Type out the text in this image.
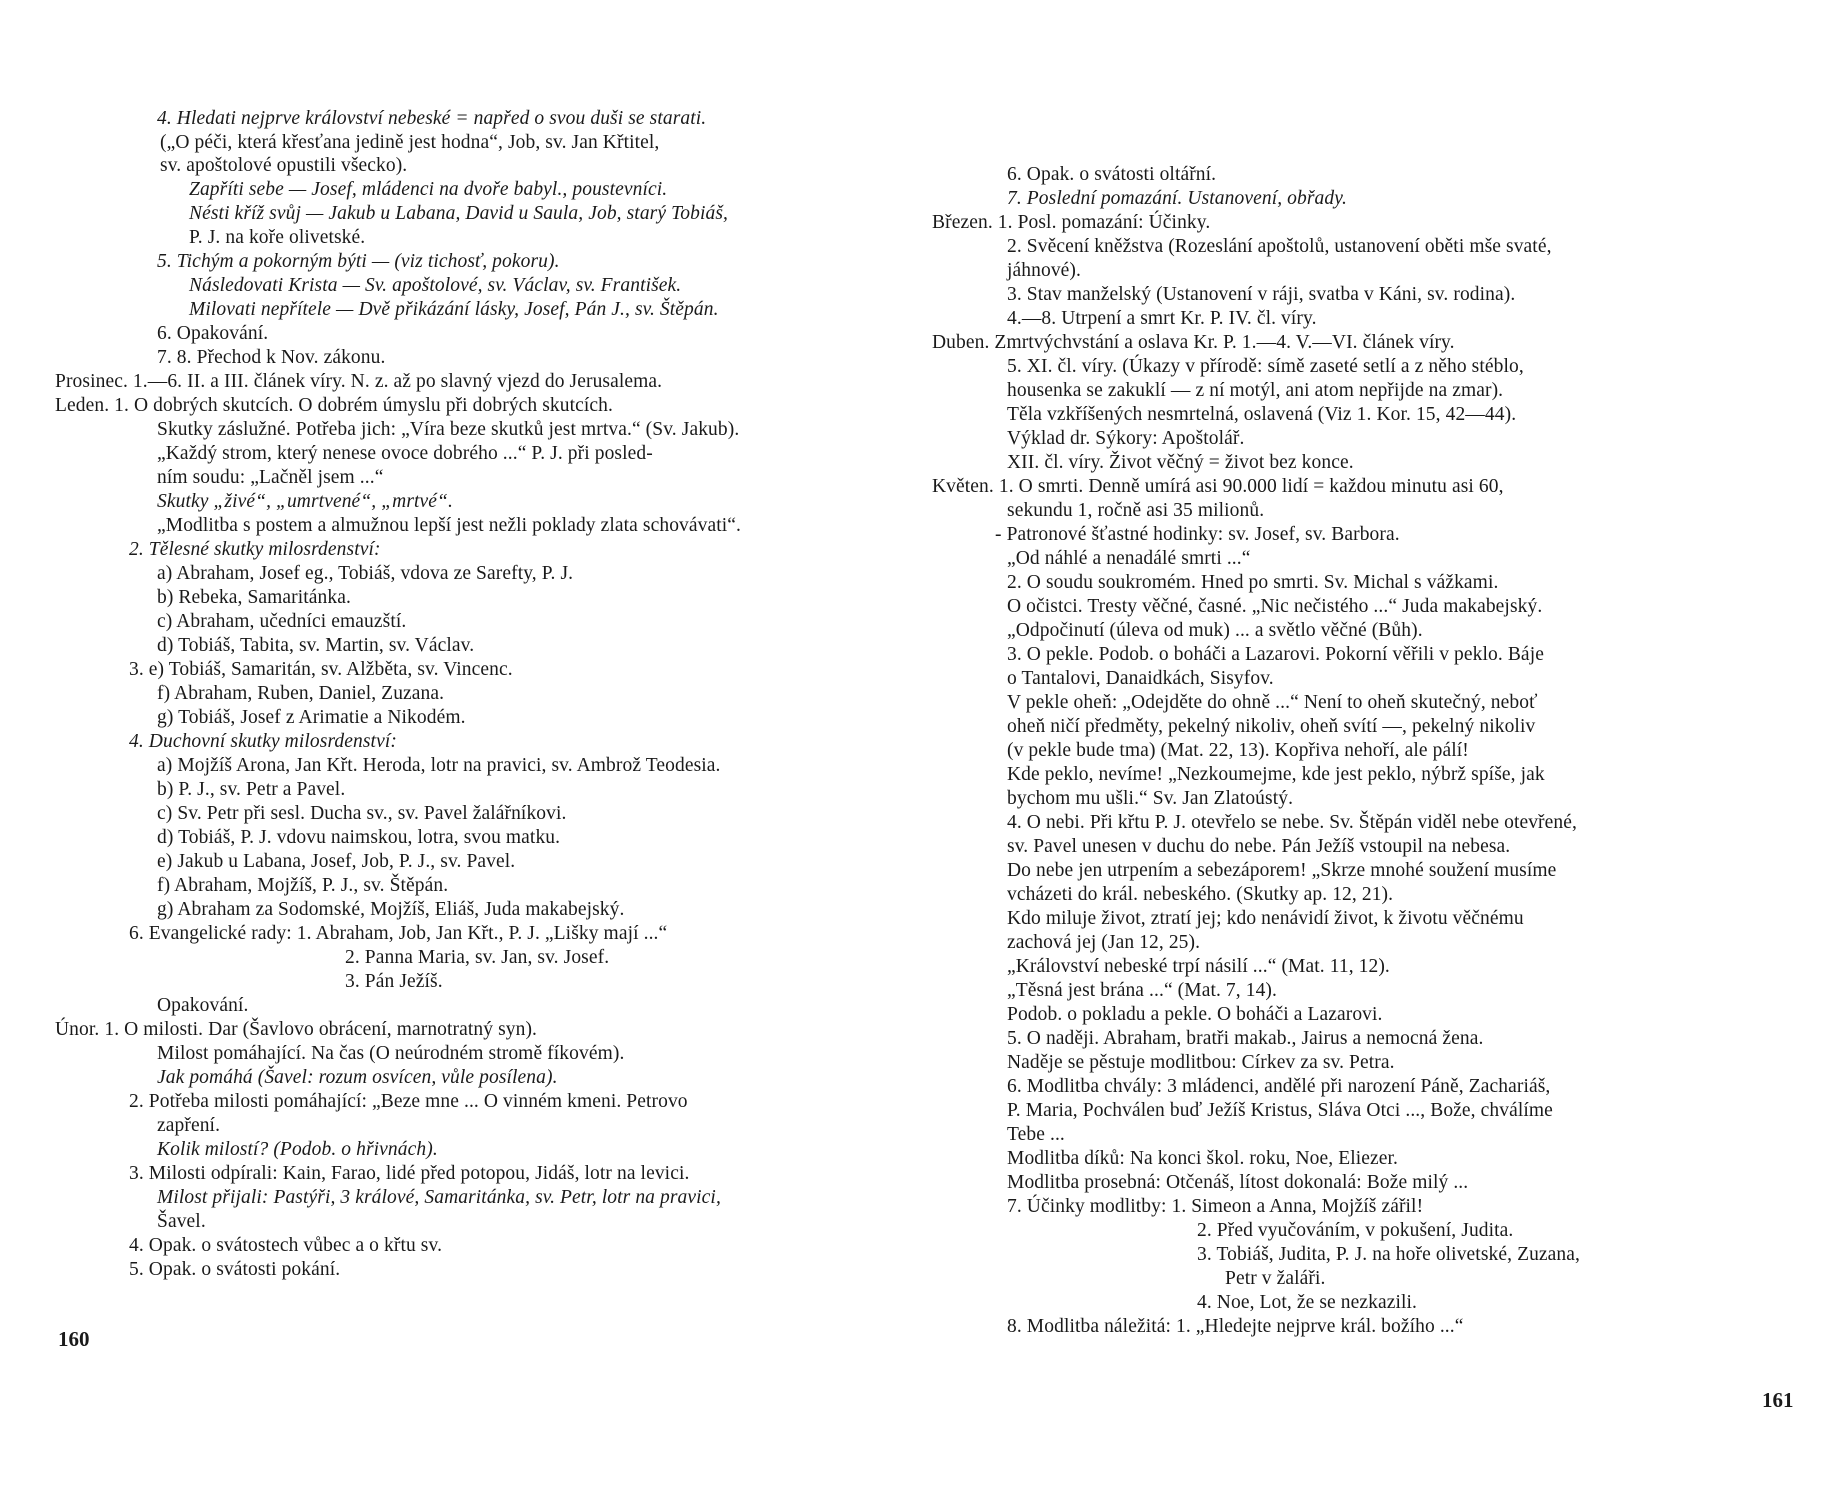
160
4. Hledati nejprve království nebeské = napřed o svou duši se starati.
(„O péči, která křesťana jedině jest hodna“, Job, sv. Jan Křtitel,
sv. apoštolové opustili všecko).
Zapříti sebe — Josef, mládenci na dvoře babyl., poustevníci.
Nésti kříž svůj — Jakub u Labana, David u Saula, Job, starý Tobiáš,
P. J. na koře olivetské.
5. Tichým a pokorným býti — (viz tichosť, pokoru).
Následovati Krista — Sv. apoštolové, sv. Václav, sv. František.
Milovati nepřítele — Dvě přikázání lásky, Josef, Pán J., sv. Štěpán.
6. Opakování.
7. 8. Přechod k Nov. zákonu.
Prosinec. 1.—6. II. a III. článek víry. N. z. až po slavný vjezd do Jerusalema.
Leden. 1. O dobrých skutcích. O dobrém úmyslu při dobrých skutcích.
Skutky záslužné. Potřeba jich: „Víra beze skutků jest mrtva.“ (Sv. Jakub).
„Každý strom, který nenese ovoce dobrého ...“ P. J. při posled-
ním soudu: „Lačněl jsem ...“
Skutky „živé“, „umrtvené“, „mrtvé“.
„Modlitba s postem a almužnou lepší jest nežli poklady zlata schovávati“.
2. Tělesné skutky milosrdenství:
a) Abraham, Josef eg., Tobiáš, vdova ze Sarefty, P. J.
b) Rebeka, Samaritánka.
c) Abraham, učedníci emauzští.
d) Tobiáš, Tabita, sv. Martin, sv. Václav.
3. e) Tobiáš, Samaritán, sv. Alžběta, sv. Vincenc.
f) Abraham, Ruben, Daniel, Zuzana.
g) Tobiáš, Josef z Arimatie a Nikodém.
4. Duchovní skutky milosrdenství:
a) Mojžíš Arona, Jan Křt. Heroda, lotr na pravici, sv. Ambrož Teodesia.
b) P. J., sv. Petr a Pavel.
c) Sv. Petr při sesl. Ducha sv., sv. Pavel žalářníkovi.
d) Tobiáš, P. J. vdovu naimskou, lotra, svou matku.
e) Jakub u Labana, Josef, Job, P. J., sv. Pavel.
f) Abraham, Mojžíš, P. J., sv. Štěpán.
g) Abraham za Sodomské, Mojžíš, Eliáš, Juda makabejský.
6. Evangelické rady: 1. Abraham, Job, Jan Křt., P. J. „Lišky mají ...“
2. Panna Maria, sv. Jan, sv. Josef.
3. Pán Ježíš.
Opakování.
Únor. 1. O milosti. Dar (Šavlovo obrácení, marnotratný syn).
Milost pomáhající. Na čas (O neúrodném stromě fíkovém).
Jak pomáhá (Šavel: rozum osvícen, vůle posílena).
2. Potřeba milosti pomáhající: „Beze mne ... O vinném kmeni. Petrovo
zapření.
Kolik milostí? (Podob. o hřivnách).
3. Milosti odpírali: Kain, Farao, lidé před potopou, Jidáš, lotr na levici.
Milost přijali: Pastýři, 3 králové, Samaritánka, sv. Petr, lotr na pravici,
Šavel.
4. Opak. o svátostech vůbec a o křtu sv.
5. Opak. o svátosti pokání.
161
6. Opak. o svátosti oltářní.
7. Poslední pomazání. Ustanovení, obřady.
Březen. 1. Posl. pomazání: Účinky.
2. Svěcení kněžstva (Rozeslání apoštolů, ustanovení oběti mše svaté,
jáhnové).
3. Stav manželský (Ustanovení v ráji, svatba v Káni, sv. rodina).
4.—8. Utrpení a smrt Kr. P. IV. čl. víry.
Duben. Zmrtvýchvstání a oslava Kr. P. 1.—4. V.—VI. článek víry.
5. XI. čl. víry. (Úkazy v přírodě: símě zaseté setlí a z něho stéblo,
housenka se zakuklí — z ní motýl, ani atom nepřijde na zmar).
Těla vzkříšených nesmrtelná, oslavená (Viz 1. Kor. 15, 42—44).
Výklad dr. Sýkory: Apoštolář.
XII. čl. víry. Život věčný = život bez konce.
Květen. 1. O smrti. Denně umírá asi 90.000 lidí = každou minutu asi 60,
sekundu 1, ročně asi 35 milionů.
- Patronové šťastné hodinky: sv. Josef, sv. Barbora.
„Od náhlé a nenadálé smrti ...“
2. O soudu soukromém. Hned po smrti. Sv. Michal s vážkami.
O očistci. Tresty věčné, časné. „Nic nečistého ...“ Juda makabejský.
„Odpočinutí (úleva od muk) ... a světlo věčné (Bůh).
3. O pekle. Podob. o boháči a Lazarovi. Pokorní věřili v peklo. Báje
o Tantalovi, Danaidkách, Sisyfov.
V pekle oheň: „Odejděte do ohně ...“ Není to oheň skutečný, neboť
oheň ničí předměty, pekelný nikoliv, oheň svítí —, pekelný nikoliv
(v pekle bude tma) (Mat. 22, 13). Kopřiva nehoří, ale pálí!
Kde peklo, nevíme! „Nezkoumejme, kde jest peklo, nýbrž spíše, jak
bychom mu ušli.“ Sv. Jan Zlatoústý.
4. O nebi. Při křtu P. J. otevřelo se nebe. Sv. Štěpán viděl nebe otevřené,
sv. Pavel unesen v duchu do nebe. Pán Ježíš vstoupil na nebesa.
Do nebe jen utrpením a sebezáporem! „Skrze mnohé soužení musíme
vcházeti do král. nebeského. (Skutky ap. 12, 21).
Kdo miluje život, ztratí jej; kdo nenávidí život, k životu věčnému
zachová jej (Jan 12, 25).
„Království nebeské trpí násilí ...“ (Mat. 11, 12).
„Těsná jest brána ...“ (Mat. 7, 14).
Podob. o pokladu a pekle. O boháči a Lazarovi.
5. O naději. Abraham, bratři makab., Jairus a nemocná žena.
Naděje se pěstuje modlitbou: Církev za sv. Petra.
6. Modlitba chvály: 3 mládenci, andělé při narození Páně, Zachariáš,
P. Maria, Pochválen buď Ježíš Kristus, Sláva Otci ..., Bože, chválíme
Tebe ...
Modlitba díků: Na konci škol. roku, Noe, Eliezer.
Modlitba prosebná: Otčenáš, lítost dokonalá: Bože milý ...
7. Účinky modlitby: 1. Simeon a Anna, Mojžíš zářil!
2. Před vyučováním, v pokušení, Judita.
3. Tobiáš, Judita, P. J. na hoře olivetské, Zuzana,
Petr v žaláři.
4. Noe, Lot, že se nezkazili.
8. Modlitba náležitá: 1. „Hledejte nejprve král. božího ...“
